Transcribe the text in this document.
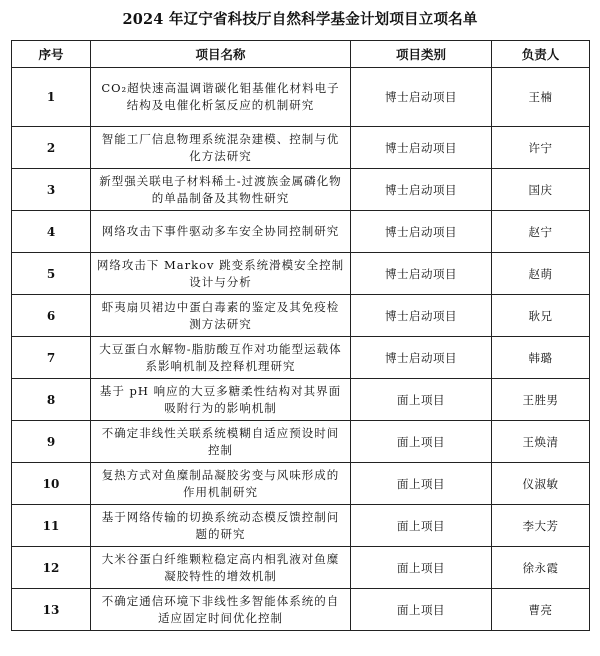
2024 年辽宁省科技厅自然科学基金计划项目立项名单
序号	项目名称	项目类别	负责人
1	CO₂超快速高温调谐碳化钼基催化材料电子结构及电催化析氢反应的机制研究	博士启动项目	王楠
2	智能工厂信息物理系统混杂建模、控制与优化方法研究	博士启动项目	许宁
3	新型强关联电子材料稀土-过渡族金属磷化物的单晶制备及其物性研究	博士启动项目	国庆
4	网络攻击下事件驱动多车安全协同控制研究	博士启动项目	赵宁
5	网络攻击下 Markov 跳变系统滑模安全控制设计与分析	博士启动项目	赵萌
6	虾夷扇贝裙边中蛋白毒素的鉴定及其免疫检测方法研究	博士启动项目	耿兄
7	大豆蛋白水解物-脂肪酸互作对功能型运载体系影响机制及控释机理研究	博士启动项目	韩璐
8	基于 pH 响应的大豆多糖柔性结构对其界面吸附行为的影响机制	面上项目	王胜男
9	不确定非线性关联系统模糊自适应预设时间控制	面上项目	王焕清
10	复热方式对鱼糜制品凝胶劣变与风味形成的作用机制研究	面上项目	仪淑敏
11	基于网络传输的切换系统动态模反馈控制问题的研究	面上项目	李大芳
12	大米谷蛋白纤维颗粒稳定高内相乳液对鱼糜凝胶特性的增效机制	面上项目	徐永霞
13	不确定通信环境下非线性多智能体系统的自适应固定时间优化控制	面上项目	曹亮
